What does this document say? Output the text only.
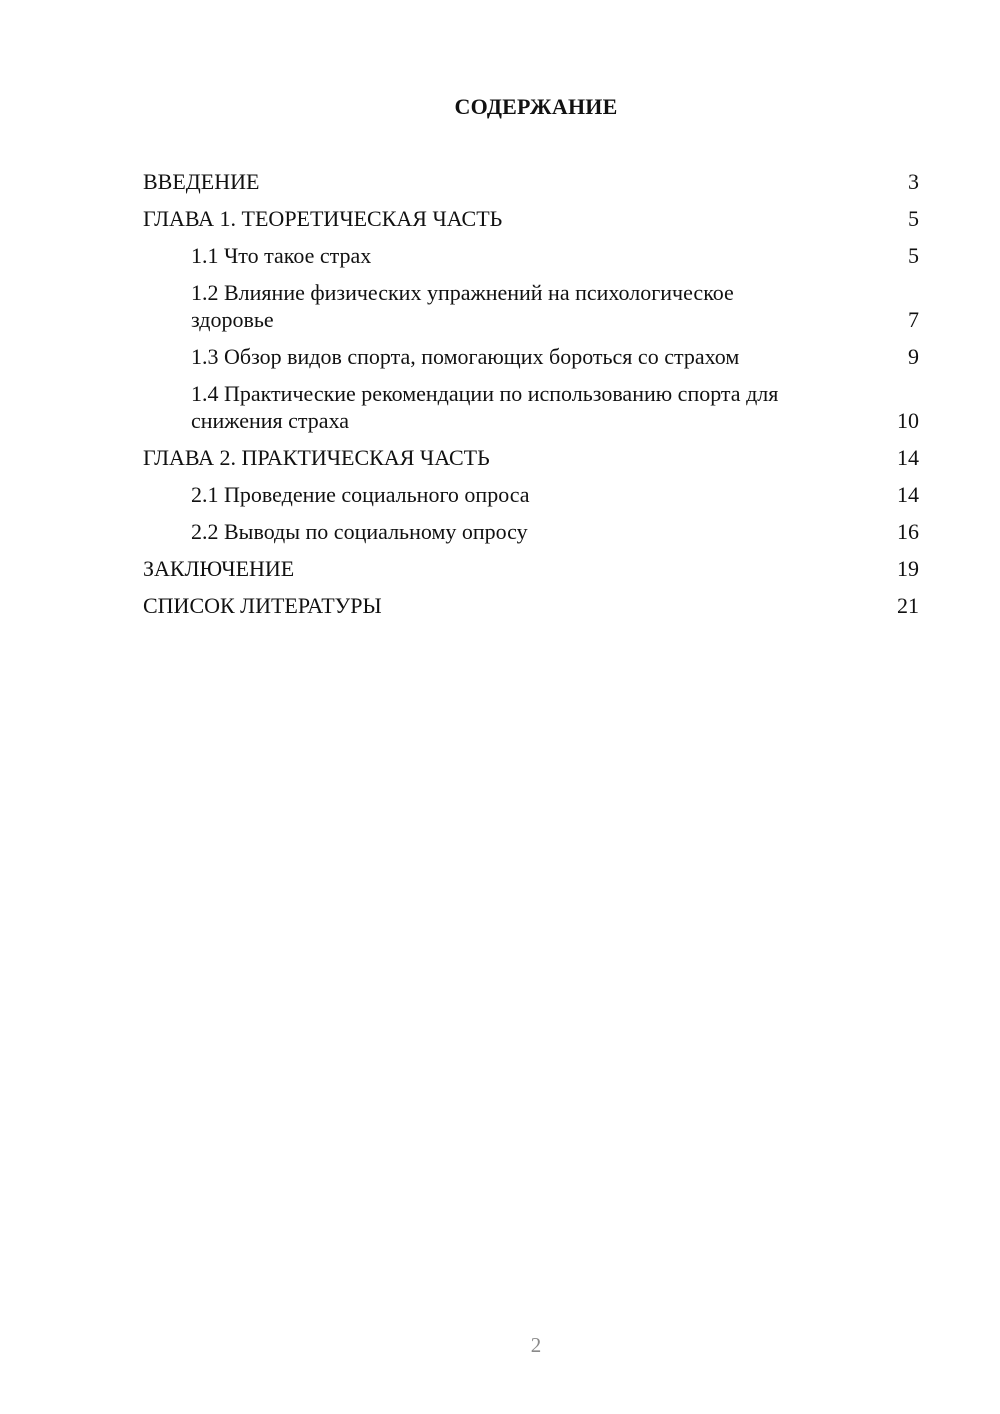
СОДЕРЖАНИЕ
ВВЕДЕНИЕ	3
ГЛАВА 1. ТЕОРЕТИЧЕСКАЯ ЧАСТЬ	5
1.1 Что такое страх	5
1.2 Влияние физических упражнений на психологическое здоровье	7
1.3 Обзор видов спорта, помогающих бороться со страхом	9
1.4 Практические рекомендации по использованию спорта для снижения страха	10
ГЛАВА 2. ПРАКТИЧЕСКАЯ ЧАСТЬ	14
2.1 Проведение социального опроса	14
2.2 Выводы по социальному опросу	16
ЗАКЛЮЧЕНИЕ	19
СПИСОК ЛИТЕРАТУРЫ	21
2
